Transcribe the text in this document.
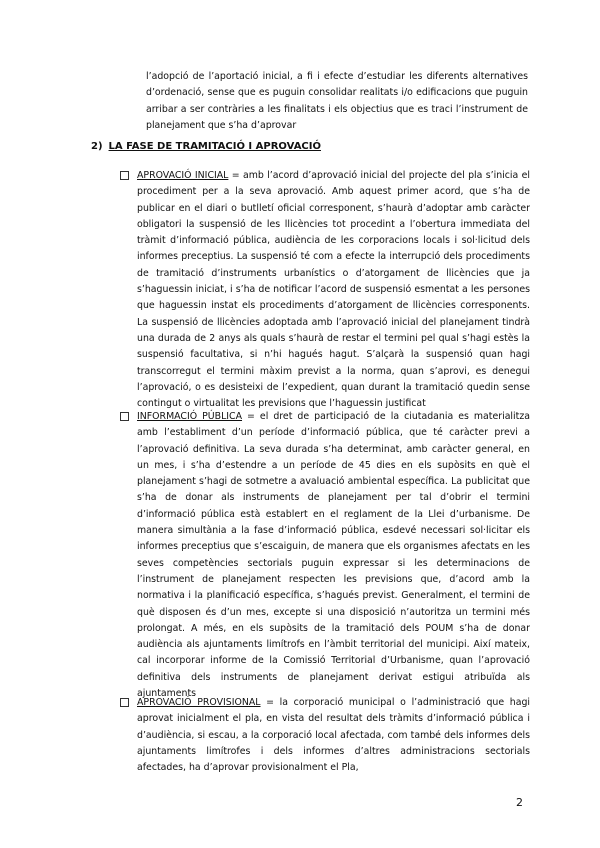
l’adopció de l’aportació inicial, a fi i efecte d’estudiar les diferents alternatives d’ordenació, sense que es puguin consolidar realitats i/o edificacions que puguin arribar a ser contràries a les finalitats i els objectius que es traci l’instrument de planejament que s’ha d’aprovar

2) LA FASE DE TRAMITACIÓ I APROVACIÓ

APROVACIÓ INICIAL = amb l’acord d’aprovació inicial del projecte del pla s’inicia el procediment per a la seva aprovació. Amb aquest primer acord, que s’ha de publicar en el diari o butlletí oficial corresponent, s’haurà d’adoptar amb caràcter obligatori la suspensió de les llicències tot procedint a l’obertura immediata del tràmit d’informació pública, audiència de les corporacions locals i sol·licitud dels informes preceptius. La suspensió té com a efecte la interrupció dels procediments de tramitació d’instruments urbanístics o d’atorgament de llicències que ja s’haguessin iniciat, i s’ha de notificar l’acord de suspensió esmentat a les persones que haguessin instat els procediments d’atorgament de llicències corresponents. La suspensió de llicències adoptada amb l’aprovació inicial del planejament tindrà una durada de 2 anys als quals s’haurà de restar el termini pel qual s’hagi estès la suspensió facultativa, si n’hi hagués hagut. S’alçarà la suspensió quan hagi transcorregut el termini màxim previst a la norma, quan s’aprovi, es denegui l’aprovació, o es desisteixi de l’expedient, quan durant la tramitació quedin sense contingut o virtualitat les previsions que l’haguessin justificat

INFORMACIÓ PÚBLICA = el dret de participació de la ciutadania es materialitza amb l’establiment d’un període d’informació pública, que té caràcter previ a l’aprovació definitiva. La seva durada s’ha determinat, amb caràcter general, en un mes, i s’ha d’estendre a un període de 45 dies en els supòsits en què el planejament s’hagi de sotmetre a avaluació ambiental específica. La publicitat que s’ha de donar als instruments de planejament per tal d’obrir el termini d’informació pública està establert en el reglament de la Llei d’urbanisme. De manera simultània a la fase d’informació pública, esdevé necessari sol·licitar els informes preceptius que s’escaiguin, de manera que els organismes afectats en les seves competències sectorials puguin expressar si les determinacions de l’instrument de planejament respecten les previsions que, d’acord amb la normativa i la planificació específica, s’hagués previst. Generalment, el termini de què disposen és d’un mes, excepte si una disposició n’autoritza un termini més prolongat. A més, en els supòsits de la tramitació dels POUM s’ha de donar audiència als ajuntaments limítrofs en l’àmbit territorial del municipi. Així mateix, cal incorporar informe de la Comissió Territorial d’Urbanisme, quan l’aprovació definitiva dels instruments de planejament derivat estigui atribuïda als ajuntaments

APROVACIÓ PROVISIONAL = la corporació municipal o l’administració que hagi aprovat inicialment el pla, en vista del resultat dels tràmits d’informació pública i d’audiència, si escau, a la corporació local afectada, com també dels informes dels ajuntaments limítrofes i dels informes d’altres administracions sectorials afectades, ha d’aprovar provisionalment el Pla,

2
